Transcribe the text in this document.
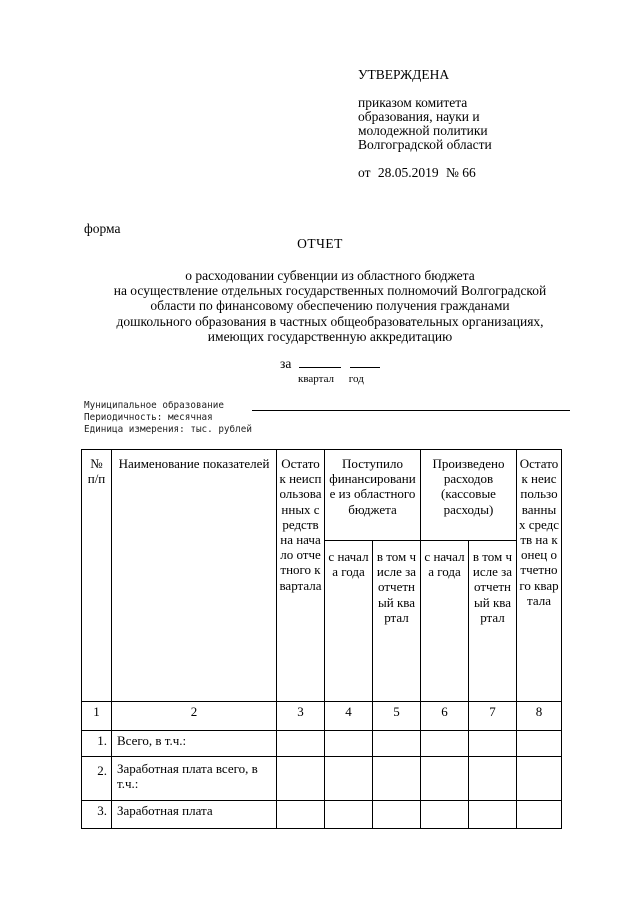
УТВЕРЖДЕНА
приказом комитета
образования, науки и
молодежной политики
Волгоградской области
от 28.05.2019 № 66
форма
ОТЧЕТ
о расходовании субвенции из областного бюджета
на осуществление отдельных государственных полномочий Волгоградской
области по финансовому обеспечению получения гражданами
дошкольного образования в частных общеобразовательных организациях,
имеющих государственную аккредитацию
за
квартал год
Муниципальное образование
Периодичность: месячная
Единица измерения: тыс. рублей
№ п/п	Наименование показателей	Остаток неиспользованных средств на начало отчетного квартала	Поступило финансирование из областного бюджета		Произведено расходов (кассовые расходы)		Остаток неиспользованных средств на конец отчетного квартала
			с начала года	в том числе за отчетный квартал	с начала года	в том числе за отчетный квартал	
1	2	3	4	5	6	7	8
1.	Всего, в т.ч.:						
2.	Заработная плата всего, в т.ч.:						
3.	Заработная плата						
